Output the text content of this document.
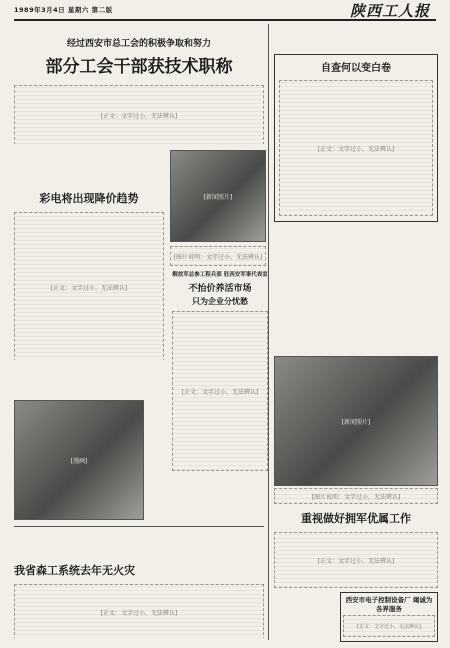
1989年3月4日 星期六 第二版	陕西工人报
经过西安市总工会的积极争取和努力
部分工会干部获技术职称
[正文：文字过小，无法辨认]
自查何以变白卷
[正文：文字过小，无法辨认]
[新闻照片]
[图片说明：文字过小，无法辨认]
彩电将出现降价趋势
[正文：文字过小，无法辨认]
解放军总参工程兵部 驻西安军事代表室
不抬价养活市场
只为企业分忧愁
[正文：文字过小，无法辨认]
[新闻照片]
[图片说明：文字过小，无法辨认]
[漫画]
重视做好拥军优属工作
[正文：文字过小，无法辨认]
我省森工系统去年无火灾
[正文：文字过小，无法辨认]
西安市电子控制设备厂 竭诚为各界服务
[正文：文字过小，无法辨认]
